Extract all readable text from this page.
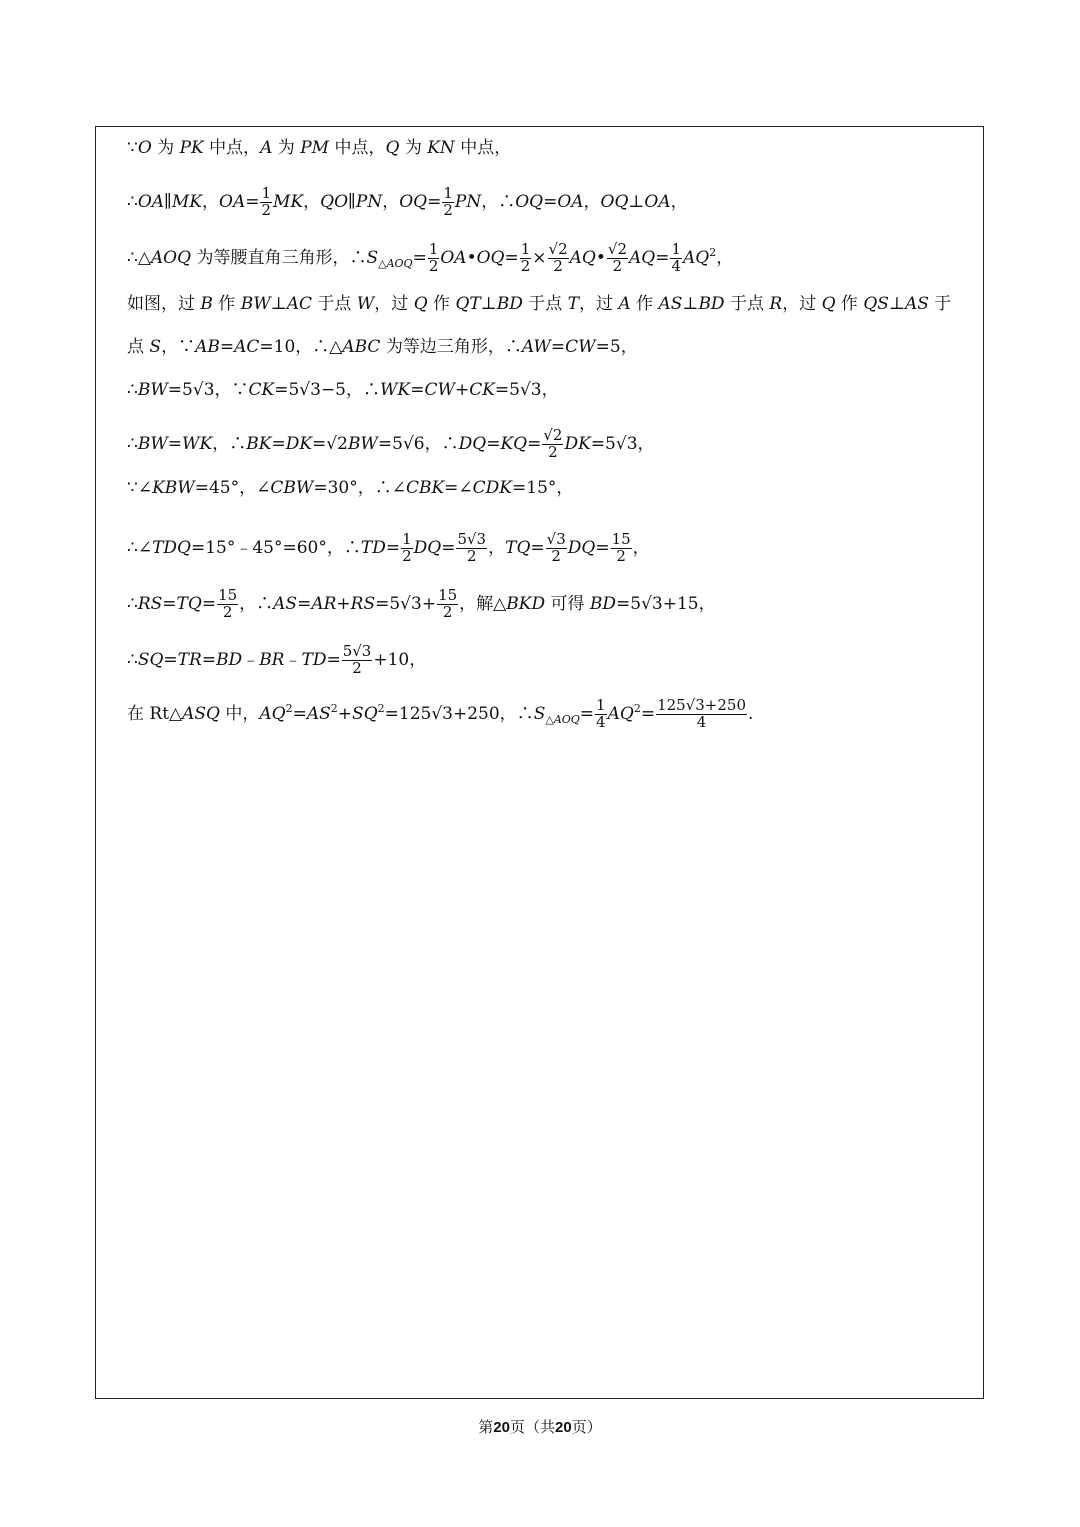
∵O 为 PK 中点，A 为 PM 中点，Q 为 KN 中点，
∴OA∥MK，$OA= \frac{1}{2}$ MK，QO∥PN，$OQ= \frac{1}{2}$ PN，∴OQ=OA，OQ⊥OA，
∴△AOQ 为等腰直角三角形，$\therefore S_{\triangle AOQ}= \frac{1}{2}$ OA•OQ= $\frac{1}{2} \times \frac{√2}{2}$ AQ• $\frac{√2}{2} AQ= \frac{1}{4} AQ^2$，
如图，过 B 作 BW⊥AC 于点 W，过 Q 作 QT⊥BD 于点 T，过 A 作 AS⊥BD 于点 R，过 Q 作 QS⊥AS 于
点 S，∵AB=AC=10，∴△ABC 为等边三角形，∴AW=CW=5，
∴BW=5√3，∵CK=5√3−5，∴WK=CW+CK=5√3，
∴BW=WK，∴BK=DK=√2BW=5√6，∴DQ=KQ= $\frac{√2}{2} DK=5√3$，
∵∠KBW=45°，∠CBW=30°，∴∠CBK=∠CDK=15°，
∴∠TDQ=15°﹣45°=60°，∴TD= $\frac{1}{2} DQ= \frac{5√3}{2}$ ，$TQ= \frac{√3}{2} DQ= \frac{15}{2}$ ，
∴RS=TQ= $\frac{15}{2}$ ，∴AS=AR+RS=5√3+ $\frac{15}{2}$ ，解△BKD 可得 BD=5√3+15，
∴SQ=TR=BD﹣BR﹣TD= $\frac{5√3}{2} +10$，
在 Rt△ASQ 中，$AQ^2=AS^2+SQ^2=125√3+250$，$\therefore S_{\triangle AOQ}= \frac{1}{4} AQ^2= \frac{125√3+250}{4}$ .
第20页（共20页）
